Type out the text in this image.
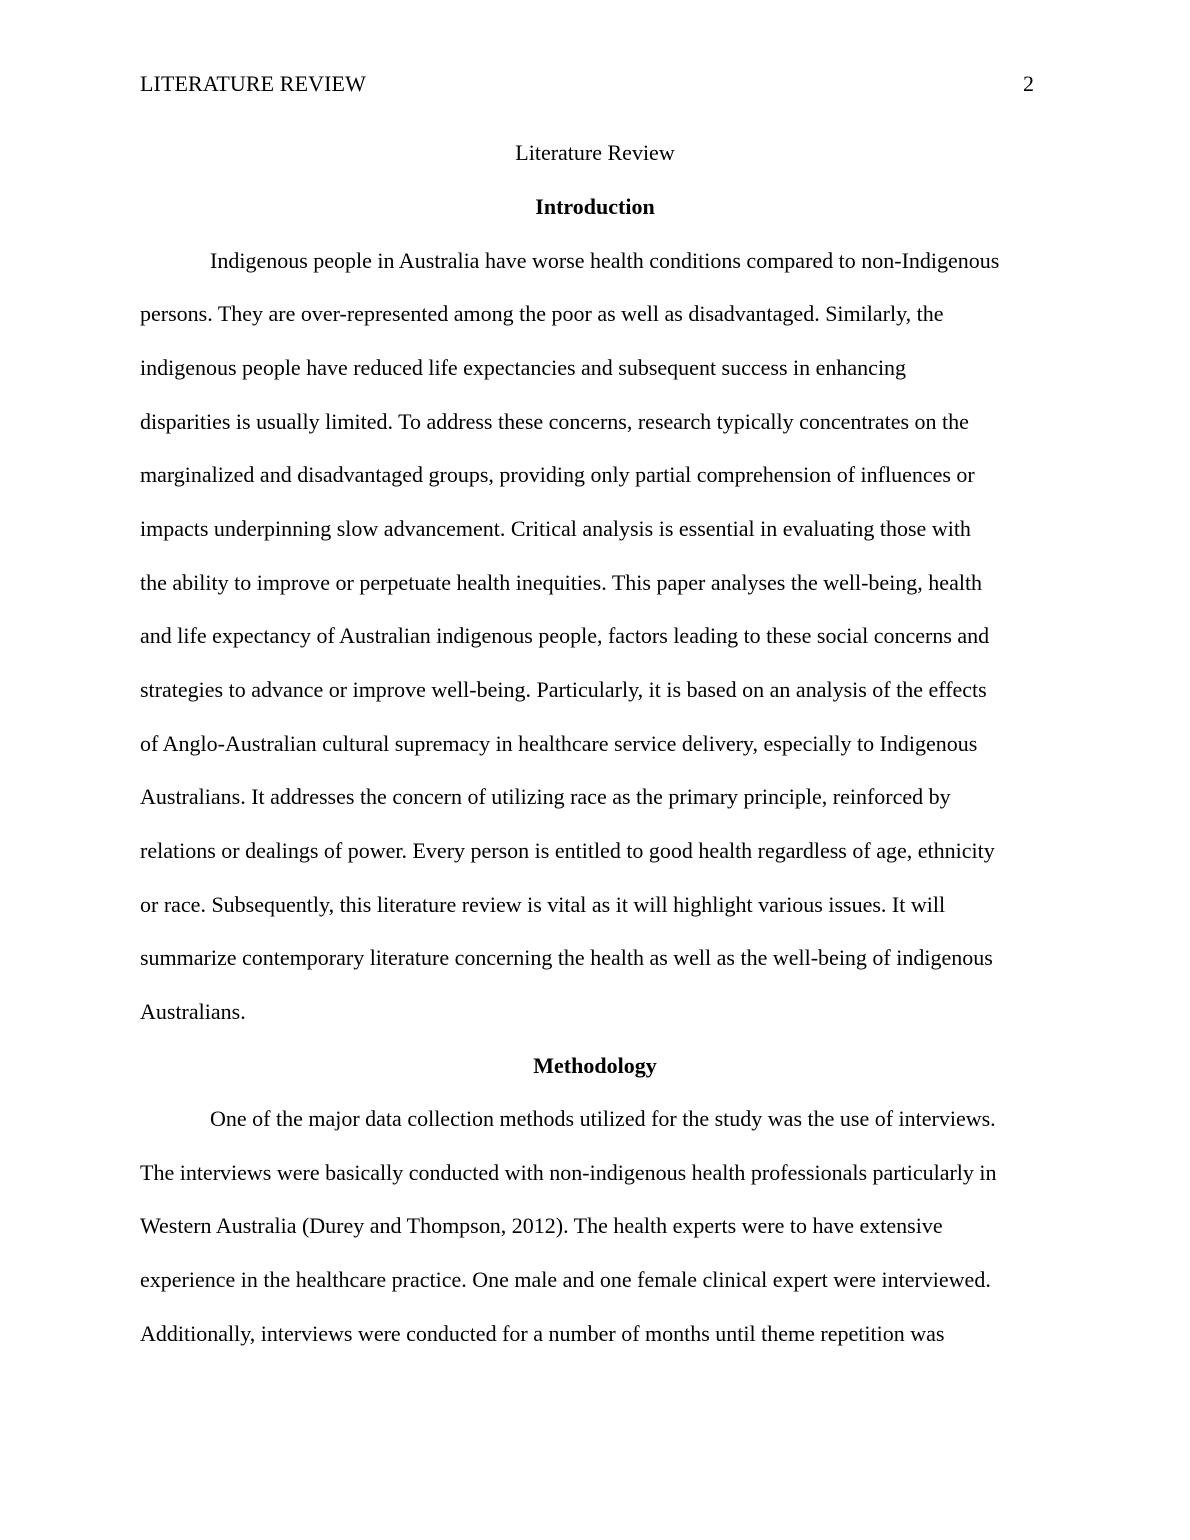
LITERATURE REVIEW	2
Literature Review
Introduction
Indigenous people in Australia have worse health conditions compared to non-Indigenous
persons. They are over-represented among the poor as well as disadvantaged. Similarly, the
indigenous people have reduced life expectancies and subsequent success in enhancing
disparities is usually limited. To address these concerns, research typically concentrates on the
marginalized and disadvantaged groups, providing only partial comprehension of influences or
impacts underpinning slow advancement. Critical analysis is essential in evaluating those with
the ability to improve or perpetuate health inequities. This paper analyses the well-being, health
and life expectancy of Australian indigenous people, factors leading to these social concerns and
strategies to advance or improve well-being. Particularly, it is based on an analysis of the effects
of Anglo-Australian cultural supremacy in healthcare service delivery, especially to Indigenous
Australians. It addresses the concern of utilizing race as the primary principle, reinforced by
relations or dealings of power. Every person is entitled to good health regardless of age, ethnicity
or race. Subsequently, this literature review is vital as it will highlight various issues. It will
summarize contemporary literature concerning the health as well as the well-being of indigenous
Australians.
Methodology
One of the major data collection methods utilized for the study was the use of interviews.
The interviews were basically conducted with non-indigenous health professionals particularly in
Western Australia (Durey and Thompson, 2012). The health experts were to have extensive
experience in the healthcare practice. One male and one female clinical expert were interviewed.
Additionally, interviews were conducted for a number of months until theme repetition was
